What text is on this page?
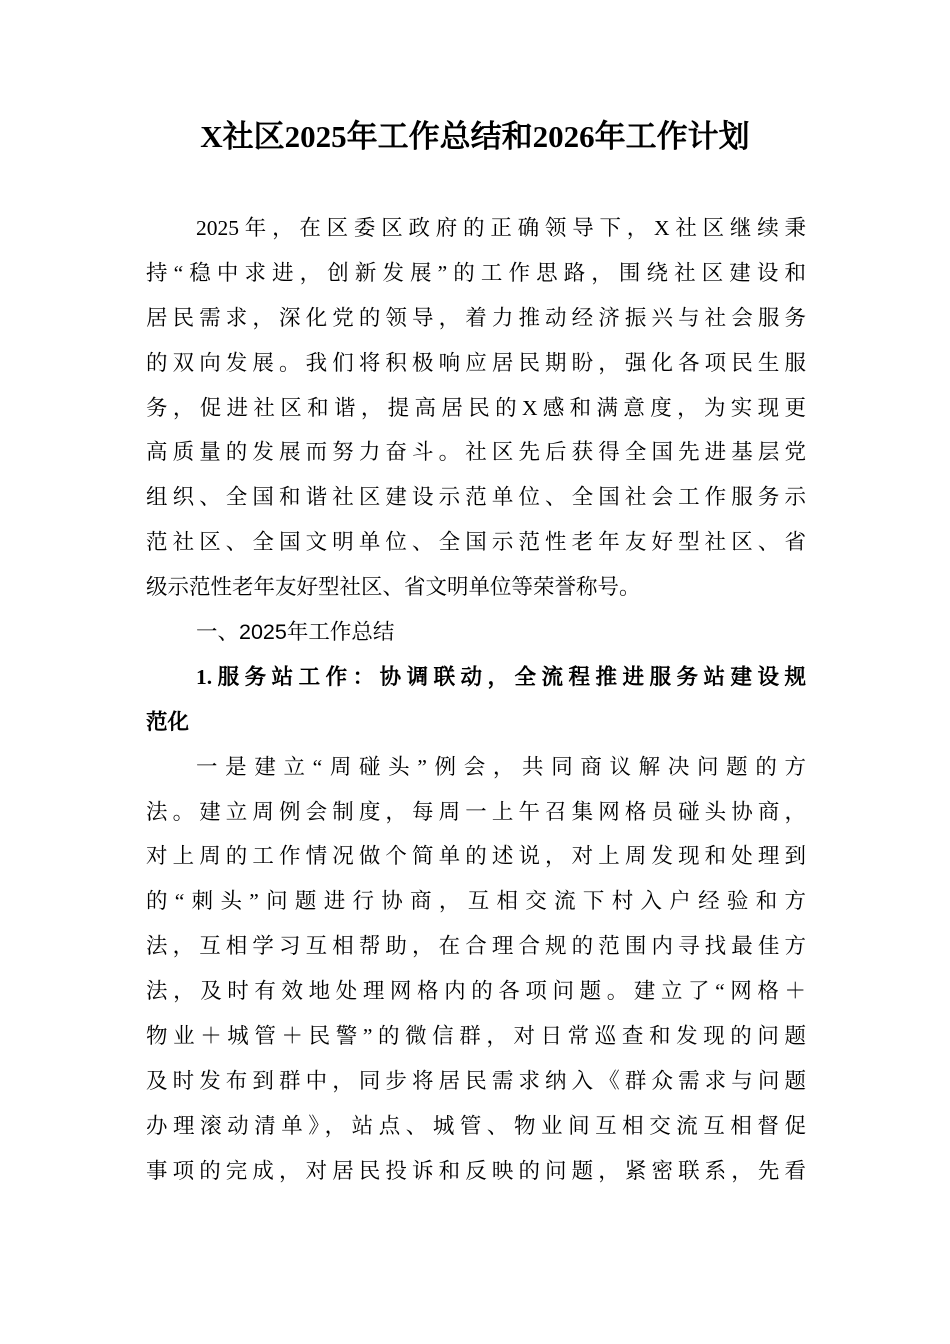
X社区2025年工作总结和2026年工作计划
2025年，在区委区政府的正确领导下，X社区继续秉
持“稳中求进，创新发展”的工作思路，围绕社区建设和
居民需求，深化党的领导，着力推动经济振兴与社会服务
的双向发展。我们将积极响应居民期盼，强化各项民生服
务，促进社区和谐，提高居民的X感和满意度，为实现更
高质量的发展而努力奋斗。社区先后获得全国先进基层党
组织、全国和谐社区建设示范单位、全国社会工作服务示
范社区、全国文明单位、全国示范性老年友好型社区、省
级示范性老年友好型社区、省文明单位等荣誉称号。
一、2025年工作总结
1.服务站工作：协调联动，全流程推进服务站建设规
范化
一是建立“周碰头”例会，共同商议解决问题的方
法。建立周例会制度，每周一上午召集网格员碰头协商，
对上周的工作情况做个简单的述说，对上周发现和处理到
的“刺头”问题进行协商，互相交流下村入户经验和方
法，互相学习互相帮助，在合理合规的范围内寻找最佳方
法，及时有效地处理网格内的各项问题。建立了“网格＋
物业＋城管＋民警”的微信群，对日常巡查和发现的问题
及时发布到群中，同步将居民需求纳入《群众需求与问题
办理滚动清单》，站点、城管、物业间互相交流互相督促
事项的完成，对居民投诉和反映的问题，紧密联系，先看
